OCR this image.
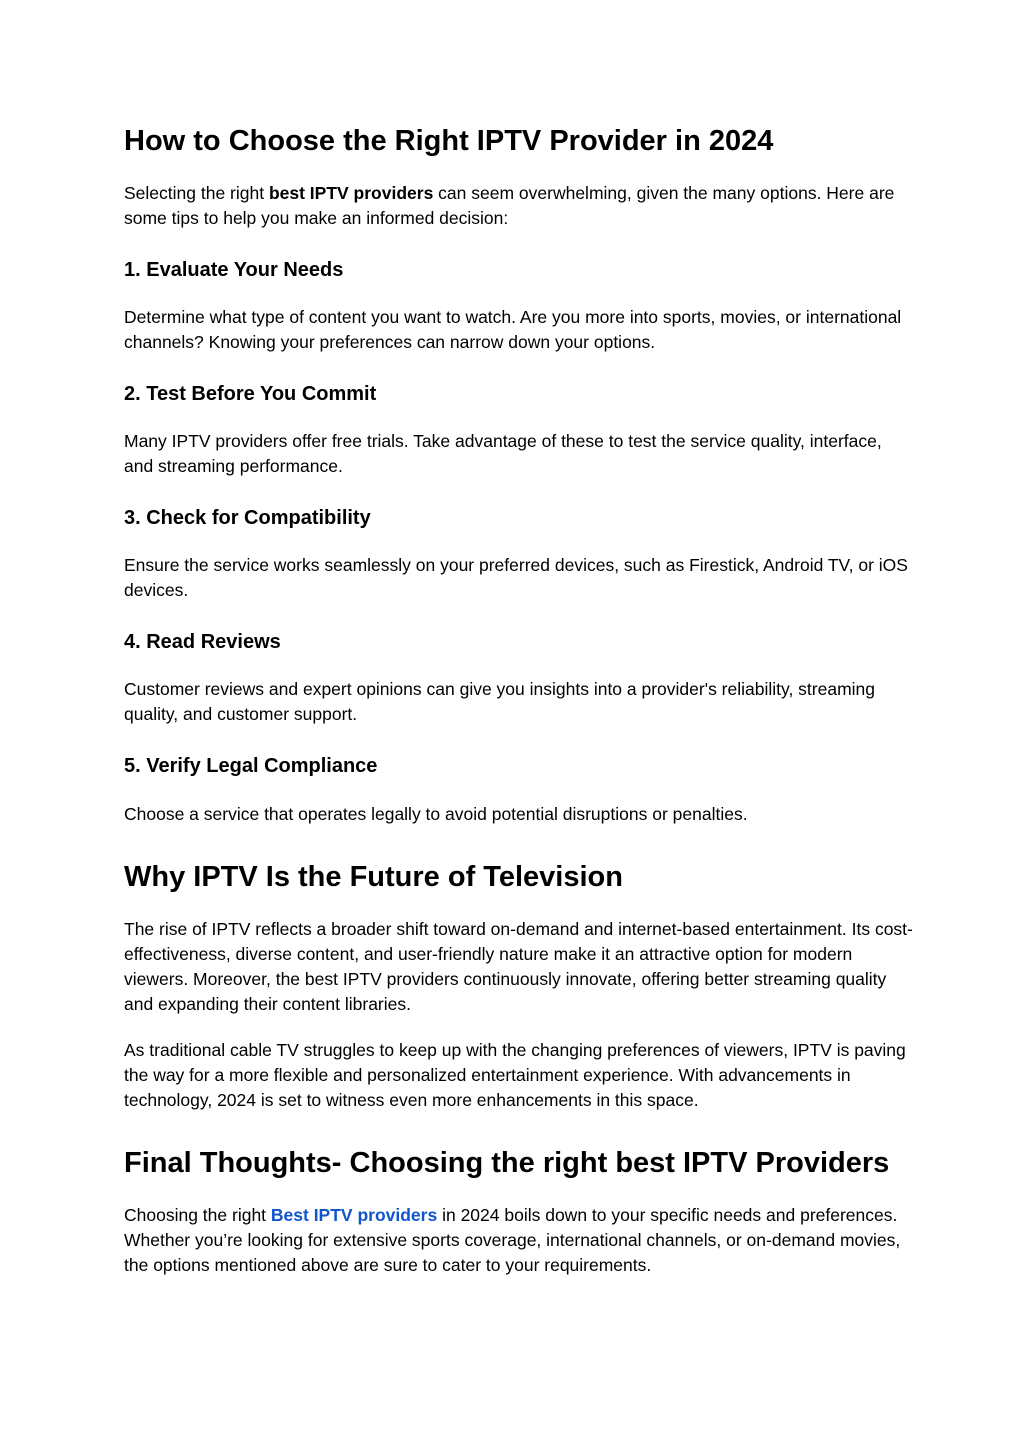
How to Choose the Right IPTV Provider in 2024

Selecting the right best IPTV providers can seem overwhelming, given the many options. Here are some tips to help you make an informed decision:

1. Evaluate Your Needs

Determine what type of content you want to watch. Are you more into sports, movies, or international channels? Knowing your preferences can narrow down your options.

2. Test Before You Commit

Many IPTV providers offer free trials. Take advantage of these to test the service quality, interface, and streaming performance.

3. Check for Compatibility

Ensure the service works seamlessly on your preferred devices, such as Firestick, Android TV, or iOS devices.

4. Read Reviews

Customer reviews and expert opinions can give you insights into a provider's reliability, streaming quality, and customer support.

5. Verify Legal Compliance

Choose a service that operates legally to avoid potential disruptions or penalties.

Why IPTV Is the Future of Television

The rise of IPTV reflects a broader shift toward on-demand and internet-based entertainment. Its cost-effectiveness, diverse content, and user-friendly nature make it an attractive option for modern viewers. Moreover, the best IPTV providers continuously innovate, offering better streaming quality and expanding their content libraries.

As traditional cable TV struggles to keep up with the changing preferences of viewers, IPTV is paving the way for a more flexible and personalized entertainment experience. With advancements in technology, 2024 is set to witness even more enhancements in this space.

Final Thoughts- Choosing the right best IPTV Providers

Choosing the right Best IPTV providers in 2024 boils down to your specific needs and preferences. Whether you’re looking for extensive sports coverage, international channels, or on-demand movies, the options mentioned above are sure to cater to your requirements.
